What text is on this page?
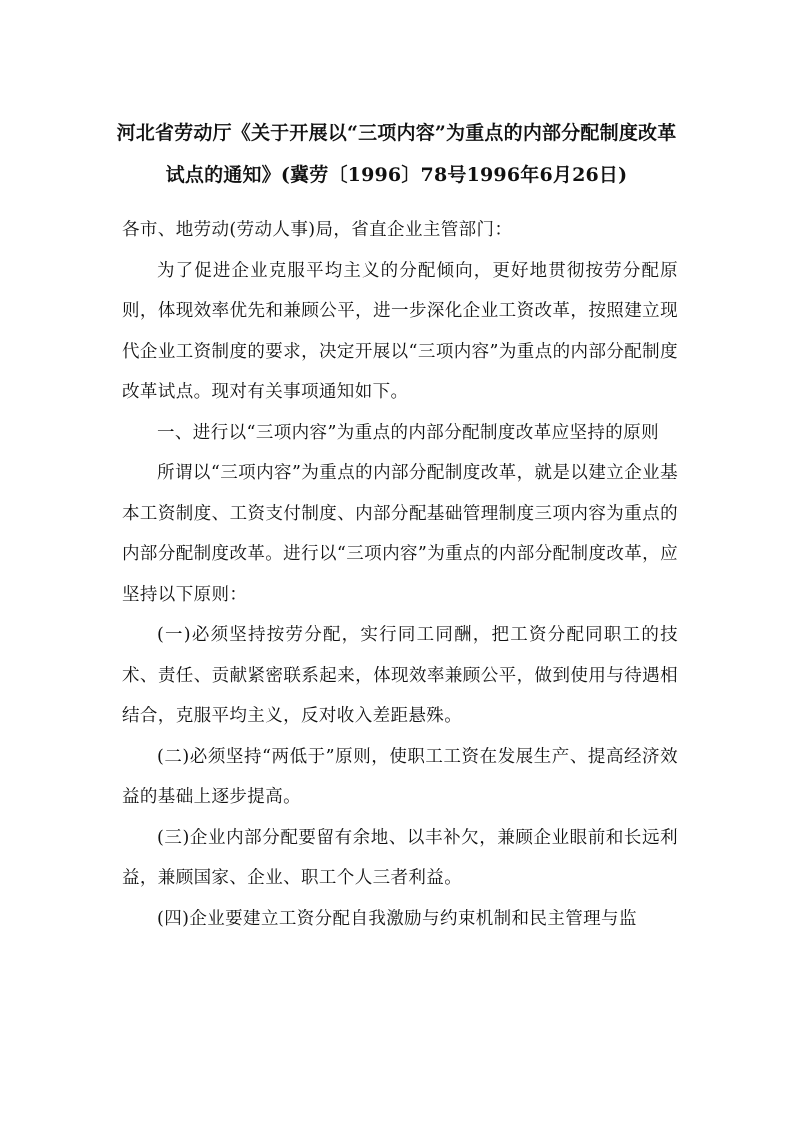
河北省劳动厅《关于开展以“三项内容”为重点的内部分配制度改革
试点的通知》(冀劳〔1996〕78号1996年6月26日)

各市、地劳动(劳动人事)局，省直企业主管部门：

为了促进企业克服平均主义的分配倾向，更好地贯彻按劳分配原则，体现效率优先和兼顾公平，进一步深化企业工资改革，按照建立现代企业工资制度的要求，决定开展以“三项内容”为重点的内部分配制度改革试点。现对有关事项通知如下。

一、进行以“三项内容”为重点的内部分配制度改革应坚持的原则

所谓以“三项内容”为重点的内部分配制度改革，就是以建立企业基本工资制度、工资支付制度、内部分配基础管理制度三项内容为重点的内部分配制度改革。进行以“三项内容”为重点的内部分配制度改革，应坚持以下原则：

(一)必须坚持按劳分配，实行同工同酬，把工资分配同职工的技术、责任、贡献紧密联系起来，体现效率兼顾公平，做到使用与待遇相结合，克服平均主义，反对收入差距悬殊。

(二)必须坚持“两低于”原则，使职工工资在发展生产、提高经济效益的基础上逐步提高。

(三)企业内部分配要留有余地、以丰补欠，兼顾企业眼前和长远利益，兼顾国家、企业、职工个人三者利益。

(四)企业要建立工资分配自我激励与约束机制和民主管理与监
